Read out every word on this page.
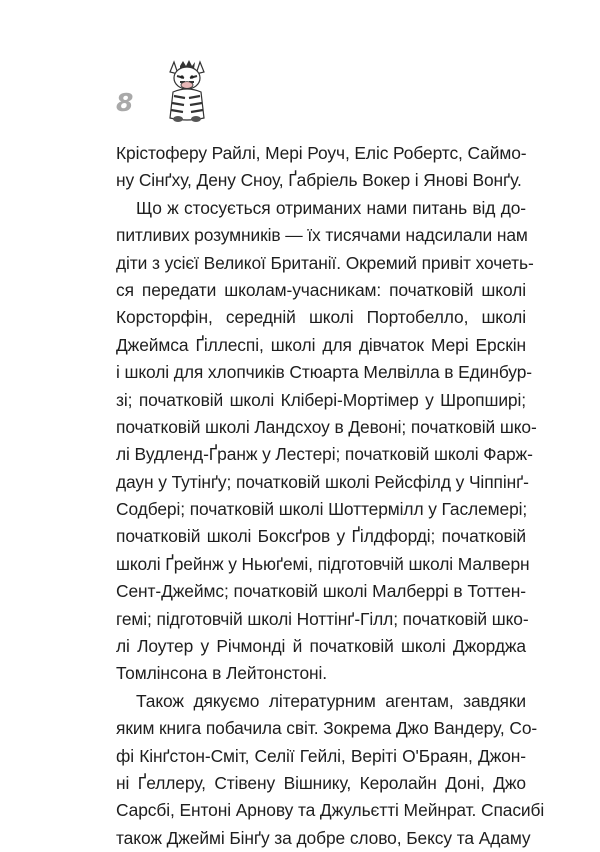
8
Крістоферу Райлі, Мері Роуч, Еліс Робертс, Саймо-
ну Сінґху, Дену Сноу, Ґабріель Вокер і Янові Вонґу.
Що ж стосується отриманих нами питань від до-
питливих розумників — їх тисячами надсилали нам
діти з усієї Великої Британії. Окремий привіт хочеть-
ся передати школам-учасникам: початковій школі
Корсторфін, середній школі Портобелло, школі
Джеймса Ґіллеспі, школі для дівчаток Мері Ерскін
і школі для хлопчиків Стюарта Мелвілла в Единбур-
зі; початковій школі Клібері-Мортімер у Шропширі;
початковій школі Ландсхоу в Девоні; початковій шко-
лі Вудленд-Ґранж у Лестері; початковій школі Фарж-
даун у Тутінґу; початковій школі Рейсфілд у Чіппінґ-
Содбері; початковій школі Шоттермілл у Гаслемері;
початковій школі Боксґров у Ґілдфорді; початковій
школі Ґрейнж у Ньюґемі, підготовчій школі Малверн
Сент-Джеймс; початковій школі Малберрі в Тоттен-
гемі; підготовчій школі Ноттінґ-Гілл; початковій шко-
лі Лоутер у Річмонді й початковій школі Джорджа
Томлінсона в Лейтонстоні.
Також дякуємо літературним агентам, завдяки
яким книга побачила світ. Зокрема Джо Вандеру, Со-
фі Кінґстон-Сміт, Селії Гейлі, Веріті О'Браян, Джон-
ні Ґеллеру, Стівену Вішнику, Керолайн Доні, Джо
Сарсбі, Ентоні Арнову та Джульєтті Мейнрат. Спасибі
також Джеймі Бінґу за добре слово, Бексу та Адаму
